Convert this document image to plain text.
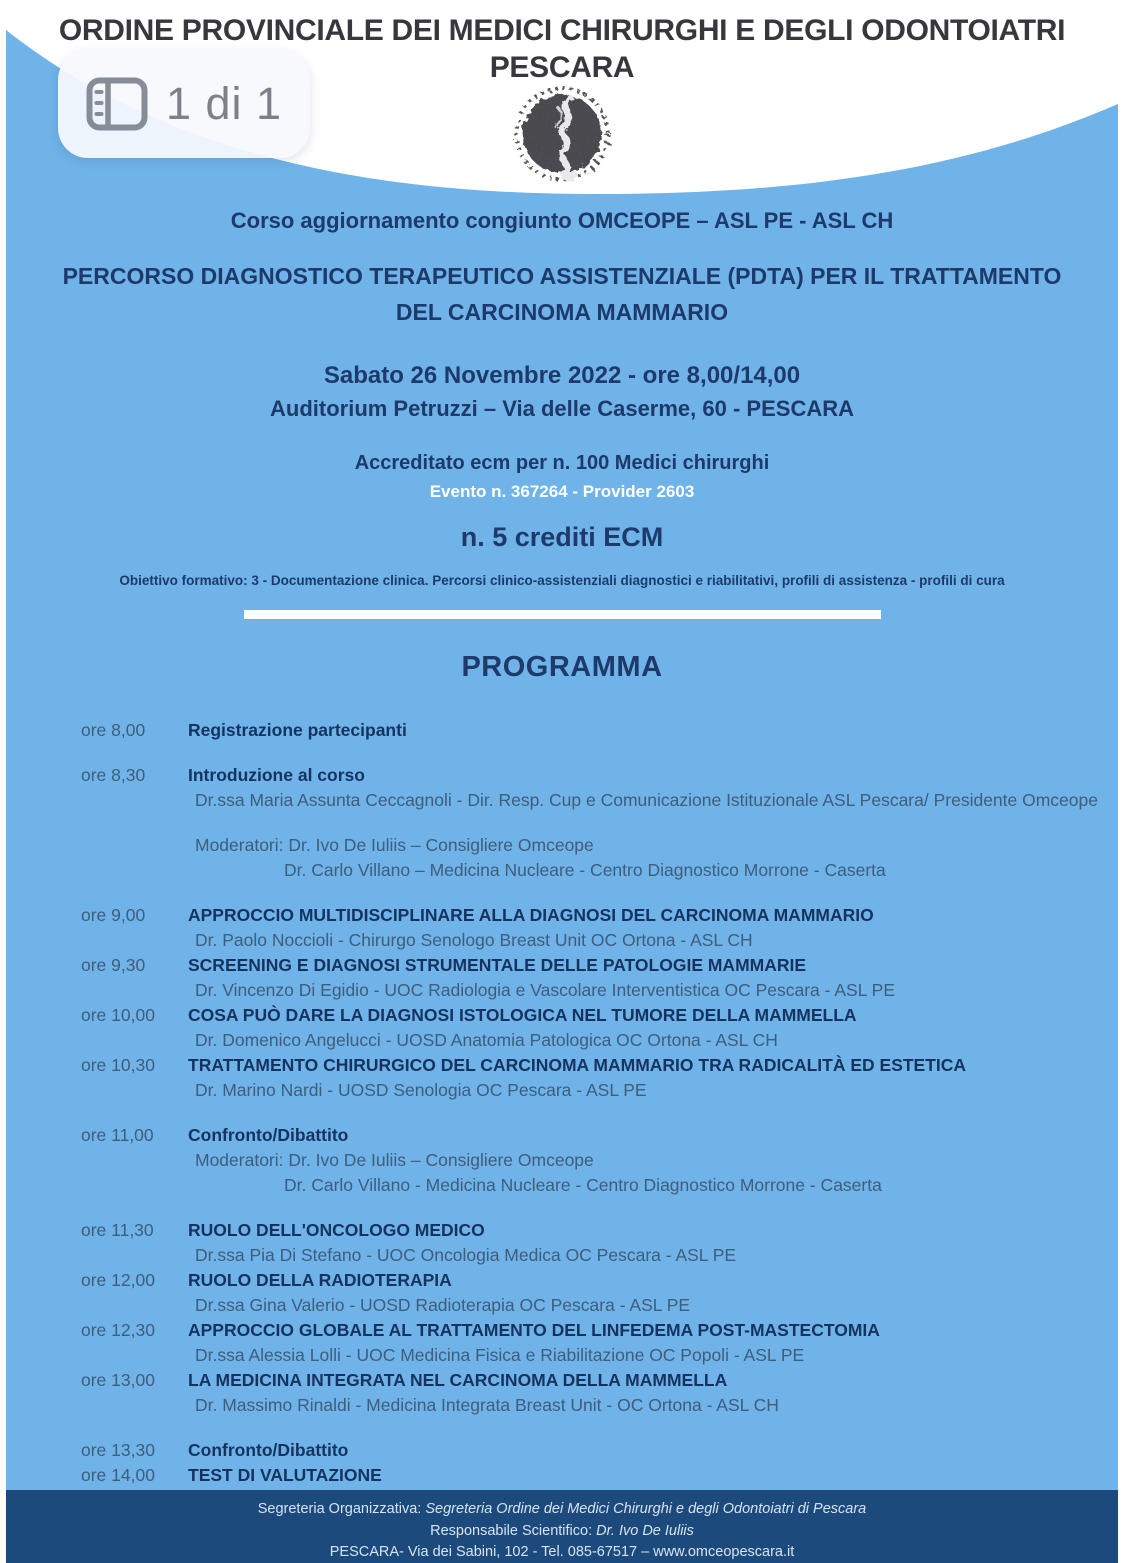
ORDINE PROVINCIALE DEI MEDICI CHIRURGHI E DEGLI ODONTOIATRI
PESCARA
1 di 1
Corso aggiornamento congiunto OMCEOPE – ASL PE - ASL CH
PERCORSO DIAGNOSTICO TERAPEUTICO ASSISTENZIALE (PDTA) PER IL TRATTAMENTO DEL CARCINOMA MAMMARIO
Sabato 26 Novembre 2022 - ore 8,00/14,00
Auditorium Petruzzi – Via delle Caserme, 60 - PESCARA
Accreditato ecm per n. 100 Medici chirurghi
Evento n. 367264 - Provider 2603
n. 5 crediti ECM
Obiettivo formativo: 3 - Documentazione clinica. Percorsi clinico-assistenziali diagnostici e riabilitativi, profili di assistenza - profili di cura
PROGRAMMA
ore 8,00	Registrazione partecipanti
ore 8,30	Introduzione al corso
Dr.ssa Maria Assunta Ceccagnoli - Dir. Resp. Cup e Comunicazione Istituzionale ASL Pescara/ Presidente Omceope
Moderatori: Dr. Ivo De Iuliis – Consigliere Omceope
Dr. Carlo Villano – Medicina Nucleare - Centro Diagnostico Morrone - Caserta
ore 9,00	APPROCCIO MULTIDISCIPLINARE ALLA DIAGNOSI DEL CARCINOMA MAMMARIO
Dr. Paolo Noccioli - Chirurgo Senologo Breast Unit OC Ortona - ASL CH
ore 9,30	SCREENING E DIAGNOSI STRUMENTALE DELLE PATOLOGIE MAMMARIE
Dr. Vincenzo Di Egidio - UOC Radiologia e Vascolare Interventistica OC Pescara - ASL PE
ore 10,00	COSA PUÒ DARE LA DIAGNOSI ISTOLOGICA NEL TUMORE DELLA MAMMELLA
Dr. Domenico Angelucci - UOSD Anatomia Patologica OC Ortona - ASL CH
ore 10,30	TRATTAMENTO CHIRURGICO DEL CARCINOMA MAMMARIO TRA RADICALITÀ ED ESTETICA
Dr. Marino Nardi - UOSD Senologia OC Pescara - ASL PE
ore 11,00	Confronto/Dibattito
Moderatori: Dr. Ivo De Iuliis – Consigliere Omceope
Dr. Carlo Villano - Medicina Nucleare - Centro Diagnostico Morrone - Caserta
ore 11,30	RUOLO DELL'ONCOLOGO MEDICO
Dr.ssa Pia Di Stefano - UOC Oncologia Medica OC Pescara - ASL PE
ore 12,00	RUOLO DELLA RADIOTERAPIA
Dr.ssa Gina Valerio - UOSD Radioterapia OC Pescara - ASL PE
ore 12,30	APPROCCIO GLOBALE AL TRATTAMENTO DEL LINFEDEMA POST-MASTECTOMIA
Dr.ssa Alessia Lolli - UOC Medicina Fisica e Riabilitazione OC Popoli - ASL PE
ore 13,00	LA MEDICINA INTEGRATA NEL CARCINOMA DELLA MAMMELLA
Dr. Massimo Rinaldi - Medicina Integrata Breast Unit - OC Ortona - ASL CH
ore 13,30	Confronto/Dibattito
ore 14,00	TEST DI VALUTAZIONE
Segreteria Organizzativa: Segreteria Ordine dei Medici Chirurghi e degli Odontoiatri di Pescara
Responsabile Scientifico: Dr. Ivo De Iuliis
PESCARA- Via dei Sabini, 102 - Tel. 085-67517 – www.omceopescara.it
